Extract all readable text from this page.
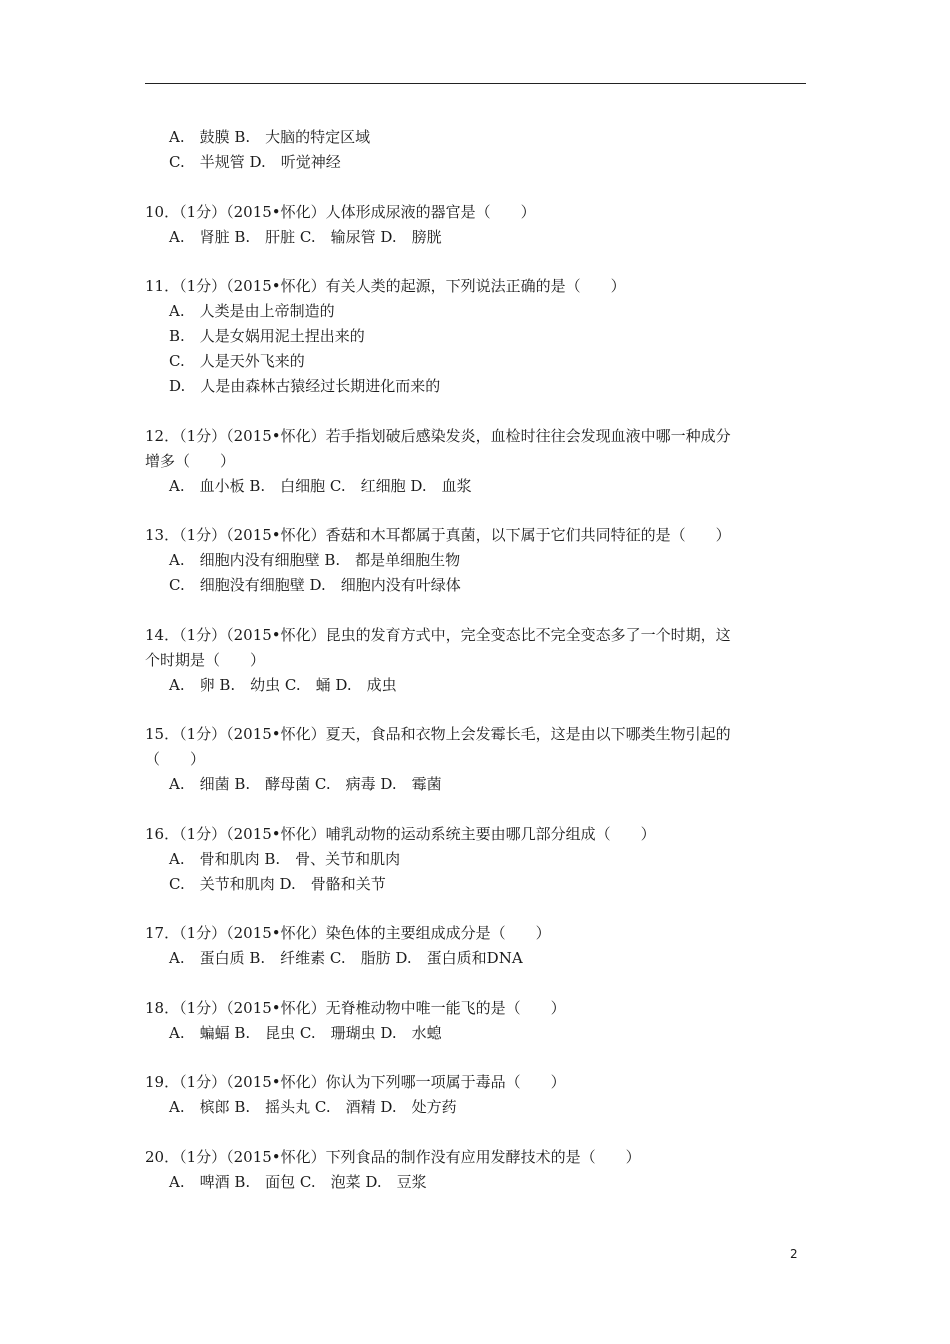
A.　鼓膜 B.　大脑的特定区域
C.　半规管 D.　听觉神经
10．（1分）（2015•怀化）人体形成尿液的器官是（　　）
A.　肾脏 B.　肝脏 C.　输尿管 D.　膀胱
11．（1分）（2015•怀化）有关人类的起源，下列说法正确的是（　　）
A.　人类是由上帝制造的
B.　人是女娲用泥土捏出来的
C.　人是天外飞来的
D.　人是由森林古猿经过长期进化而来的
12．（1分）（2015•怀化）若手指划破后感染发炎，血检时往往会发现血液中哪一种成分
增多（　　）
A.　血小板 B.　白细胞 C.　红细胞 D.　血浆
13．（1分）（2015•怀化）香菇和木耳都属于真菌，以下属于它们共同特征的是（　　）
A.　细胞内没有细胞壁 B.　都是单细胞生物
C.　细胞没有细胞壁 D.　细胞内没有叶绿体
14．（1分）（2015•怀化）昆虫的发育方式中，完全变态比不完全变态多了一个时期，这
个时期是（　　）
A.　卵 B.　幼虫 C.　蛹 D.　成虫
15．（1分）（2015•怀化）夏天，食品和衣物上会发霉长毛，这是由以下哪类生物引起的
（　　）
A.　细菌 B.　酵母菌 C.　病毒 D.　霉菌
16．（1分）（2015•怀化）哺乳动物的运动系统主要由哪几部分组成（　　）
A.　骨和肌肉 B.　骨、关节和肌肉
C.　关节和肌肉 D.　骨骼和关节
17．（1分）（2015•怀化）染色体的主要组成成分是（　　）
A.　蛋白质 B.　纤维素 C.　脂肪 D.　蛋白质和DNA
18．（1分）（2015•怀化）无脊椎动物中唯一能飞的是（　　）
A.　蝙蝠 B.　昆虫 C.　珊瑚虫 D.　水螅
19．（1分）（2015•怀化）你认为下列哪一项属于毒品（　　）
A.　槟郎 B.　摇头丸 C.　酒精 D.　处方药
20．（1分）（2015•怀化）下列食品的制作没有应用发酵技术的是（　　）
A.　啤酒 B.　面包 C.　泡菜 D.　豆浆
2
